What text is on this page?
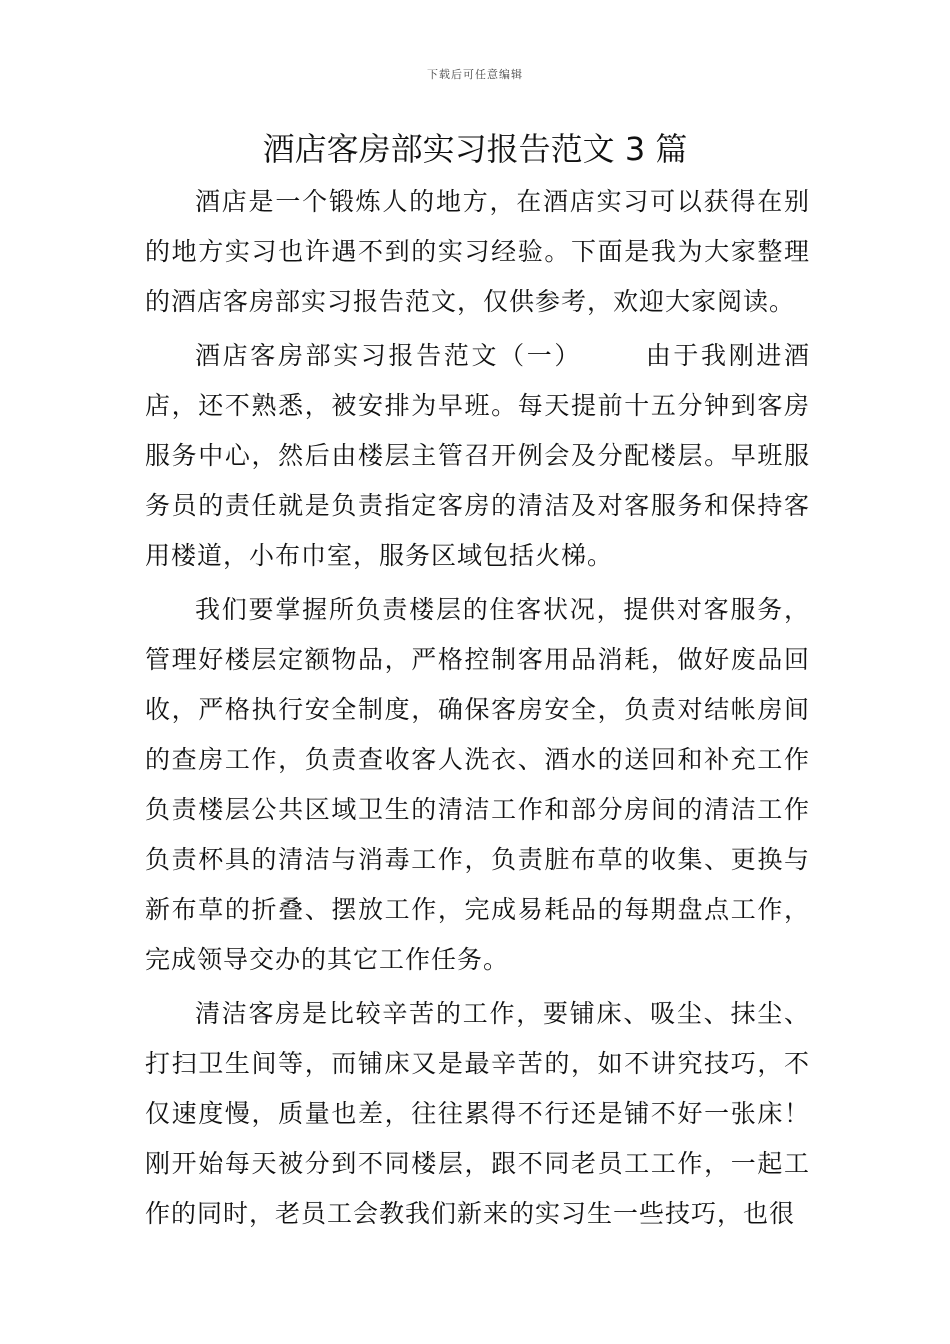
下载后可任意编辑
酒店客房部实习报告范文 3 篇

酒店是一个锻炼人的地方，在酒店实习可以获得在别的地方实习也许遇不到的实习经验。下面是我为大家整理的酒店客房部实习报告范文，仅供参考，欢迎大家阅读。

酒店客房部实习报告范文（一） 由于我刚进酒店，还不熟悉，被安排为早班。每天提前十五分钟到客房服务中心，然后由楼层主管召开例会及分配楼层。早班服务员的责任就是负责指定客房的清洁及对客服务和保持客用楼道，小布巾室，服务区域包括火梯。

我们要掌握所负责楼层的住客状况，提供对客服务，管理好楼层定额物品，严格控制客用品消耗，做好废品回收，严格执行安全制度，确保客房安全，负责对结帐房间的查房工作，负责查收客人洗衣、酒水的送回和补充工作负责楼层公共区域卫生的清洁工作和部分房间的清洁工作负责杯具的清洁与消毒工作，负责脏布草的收集、更换与新布草的折叠、摆放工作，完成易耗品的每期盘点工作，完成领导交办的其它工作任务。

清洁客房是比较辛苦的工作，要铺床、吸尘、抹尘、打扫卫生间等，而铺床又是最辛苦的，如不讲究技巧，不仅速度慢，质量也差，往往累得不行还是铺不好一张床！刚开始每天被分到不同楼层，跟不同老员工工作，一起工作的同时，老员工会教我们新来的实习生一些技巧，也很
